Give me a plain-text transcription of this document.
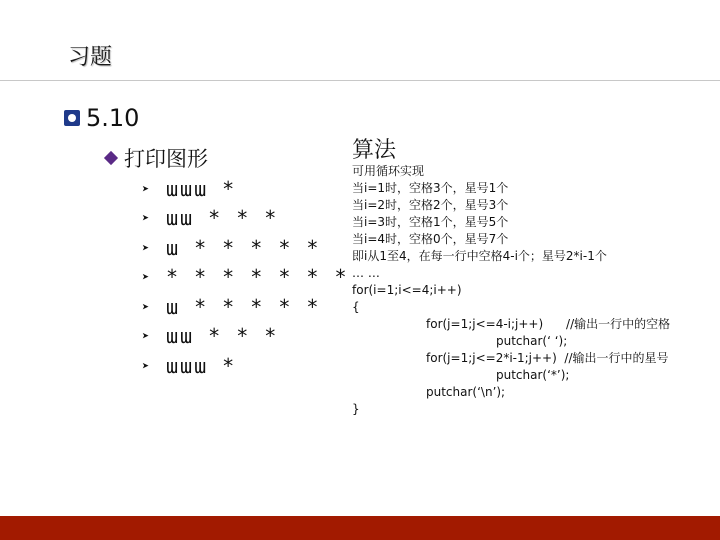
习题
5.10
打印图形
➤ ɯɯɯ *
➤ ɯɯ * * *
➤ ɯ * * * * *
➤ * * * * * * *
➤ ɯ * * * * *
➤ ɯɯ * * *
➤ ɯɯɯ *
算法
可用循环实现
当i=1时，空格3个，星号1个
当i=2时，空格2个，星号3个
当i=3时，空格1个，星号5个
当i=4时，空格0个，星号7个
即i从1至4，在每一行中空格4-i个；星号2*i-1个
… …
for(i=1;i<=4;i++)
{
for(j=1;j<=4-i;j++)      //输出一行中的空格
putchar(‘ ‘);
for(j=1;j<=2*i-1;j++)  //输出一行中的星号
putchar(‘*’);
putchar(‘\n’);
}
